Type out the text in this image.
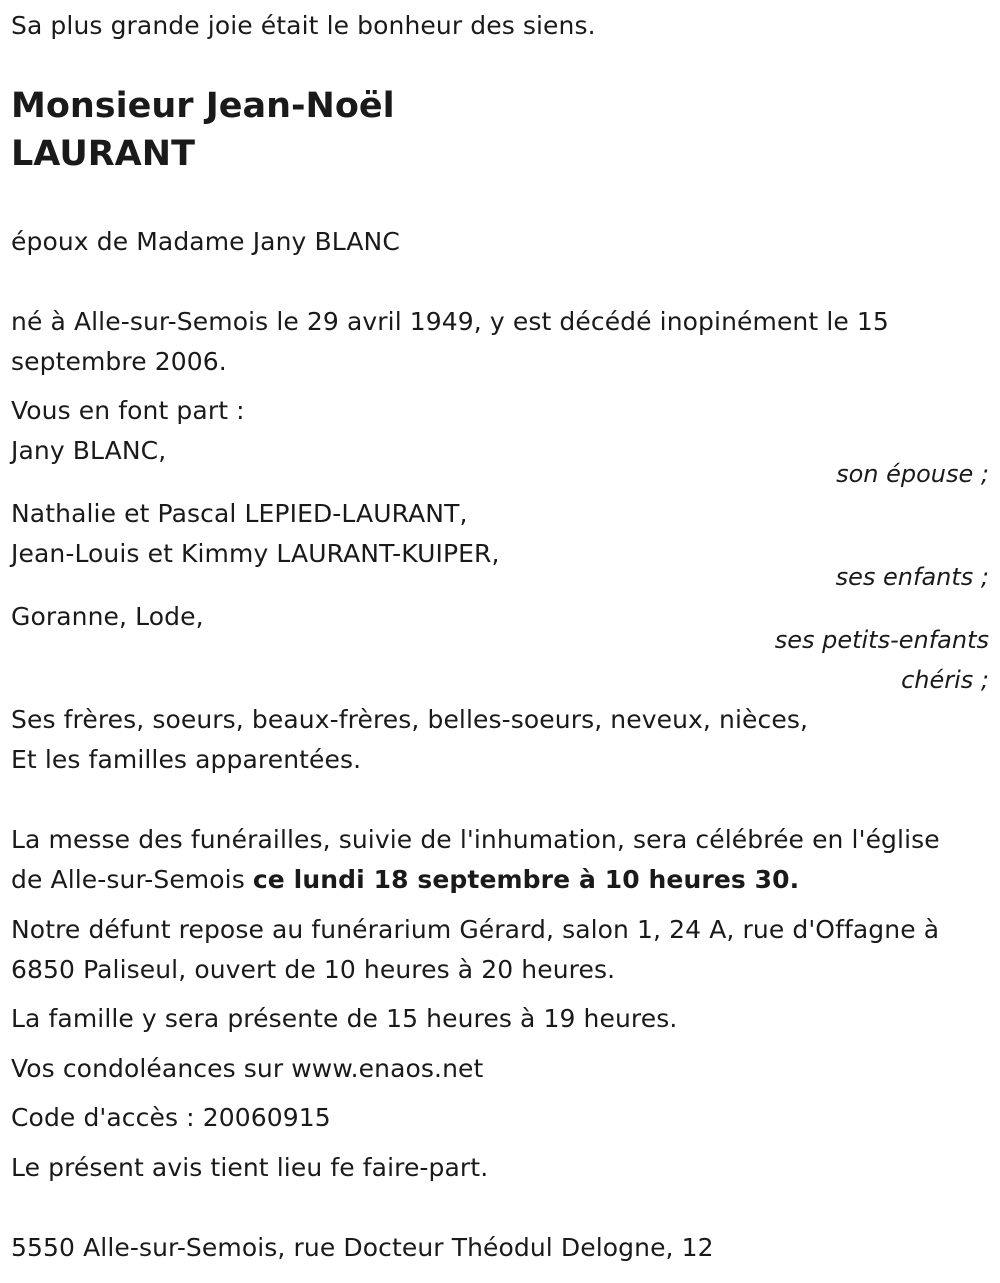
Sa plus grande joie était le bonheur des siens.
Monsieur Jean-Noël
LAURANT
époux de Madame Jany BLANC
né à Alle-sur-Semois le 29 avril 1949, y est décédé inopinément le 15
septembre 2006.
Vous en font part :
Jany BLANC,
son épouse ;
Nathalie et Pascal LEPIED-LAURANT,
Jean-Louis et Kimmy LAURANT-KUIPER,
ses enfants ;
Goranne, Lode,
ses petits-enfants
chéris ;
Ses frères, soeurs, beaux-frères, belles-soeurs, neveux, nièces,
Et les familles apparentées.
La messe des funérailles, suivie de l'inhumation, sera célébrée en l'église
de Alle-sur-Semois ce lundi 18 septembre à 10 heures 30.
Notre défunt repose au funérarium Gérard, salon 1, 24 A, rue d'Offagne à
6850 Paliseul, ouvert de 10 heures à 20 heures.
La famille y sera présente de 15 heures à 19 heures.
Vos condoléances sur www.enaos.net
Code d'accès : 20060915
Le présent avis tient lieu fe faire-part.
5550 Alle-sur-Semois, rue Docteur Théodul Delogne, 12
